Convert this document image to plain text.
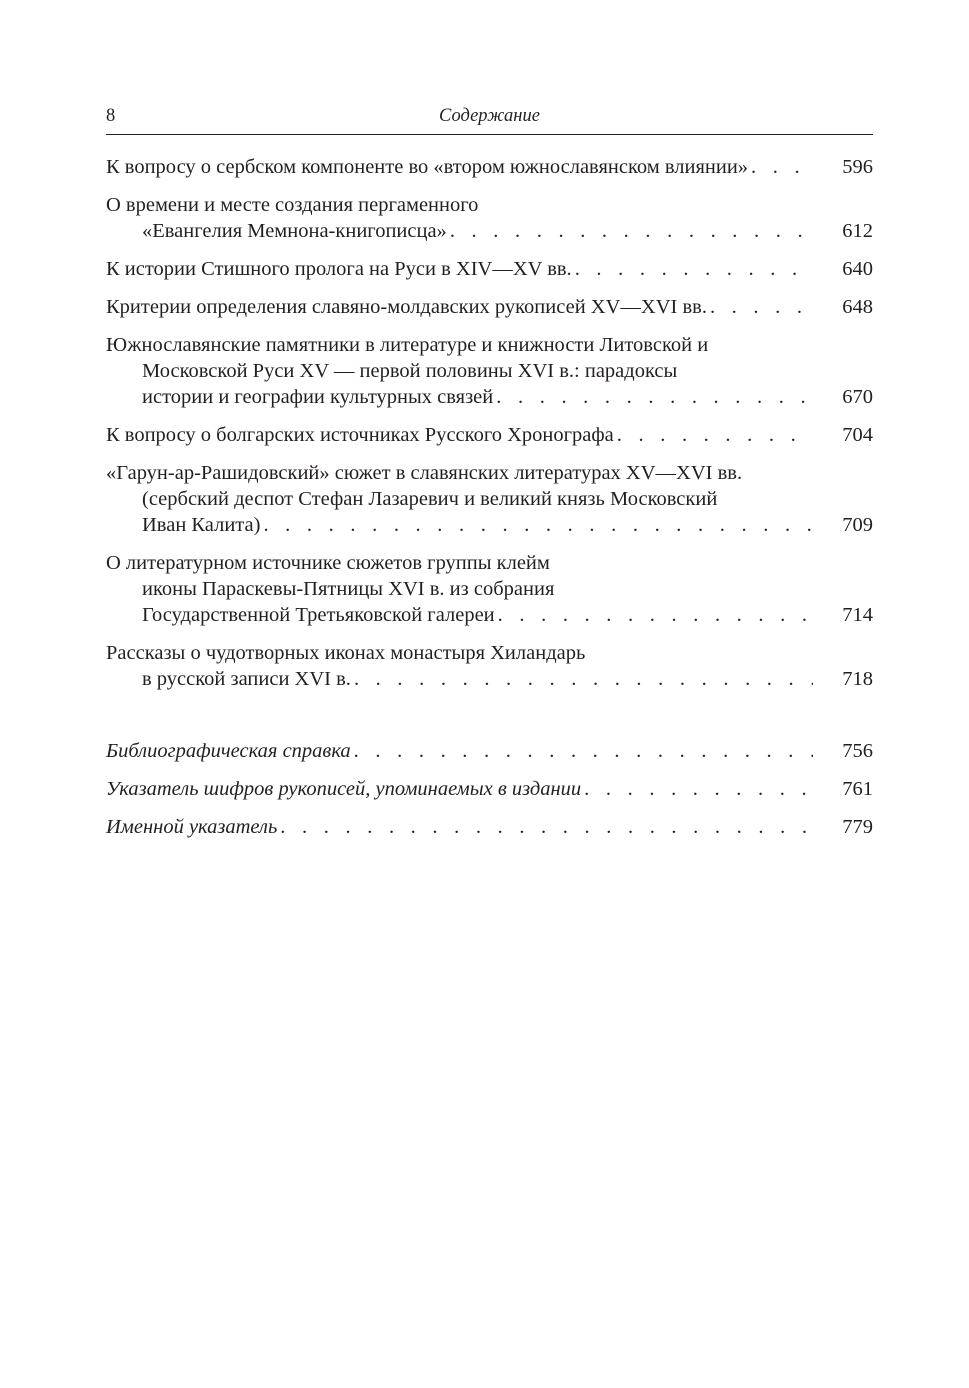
8	Содержание
К вопросу о сербском компоненте во «втором южнославянском влиянии» . . .	596
О времени и месте создания пергаменного
«Евангелия Мемнона-книгописца» . . .	612
К истории Стишного пролога на Руси в XIV—XV вв. . . .	640
Критерии определения славяно-молдавских рукописей XV—XVI вв. . . .	648
Южнославянские памятники в литературе и книжности Литовской и
Московской Руси XV — первой половины XVI в.: парадоксы
истории и географии культурных связей . . .	670
К вопросу о болгарских источниках Русского Хронографа . . .	704
«Гарун-ар-Рашидовский» сюжет в славянских литературах XV—XVI вв.
(сербский деспот Стефан Лазаревич и великий князь Московский
Иван Калита) . . .	709
О литературном источнике сюжетов группы клейм
иконы Параскевы-Пятницы XVI в. из собрания
Государственной Третьяковской галереи . . .	714
Рассказы о чудотворных иконах монастыря Хиландарь
в русской записи XVI в. . . .	718
Библиографическая справка . . .	756
Указатель шифров рукописей, упоминаемых в издании . . .	761
Именной указатель . . .	779
